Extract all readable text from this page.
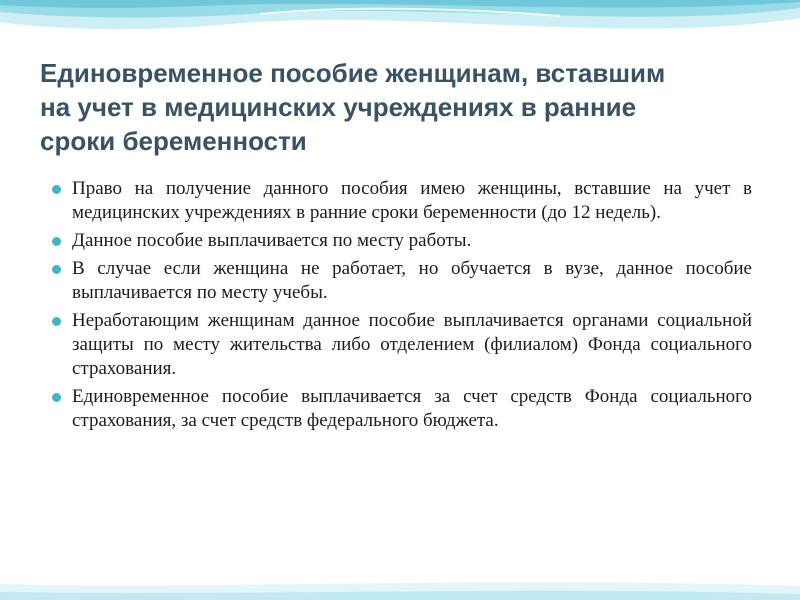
Единовременное пособие женщинам, вставшим
на учет в медицинских учреждениях в ранние
сроки беременности
Право на получение данного пособия имею женщины, вставшие на учет в медицинских учреждениях в ранние сроки беременности (до 12 недель).
Данное пособие выплачивается по месту работы.
В случае если женщина не работает, но обучается в вузе, данное пособие выплачивается по месту учебы.
Неработающим женщинам данное пособие выплачивается органами социальной защиты по месту жительства либо отделением (филиалом) Фонда социального страхования.
Единовременное пособие выплачивается за счет средств Фонда социального страхования, за счет средств федерального бюджета.
